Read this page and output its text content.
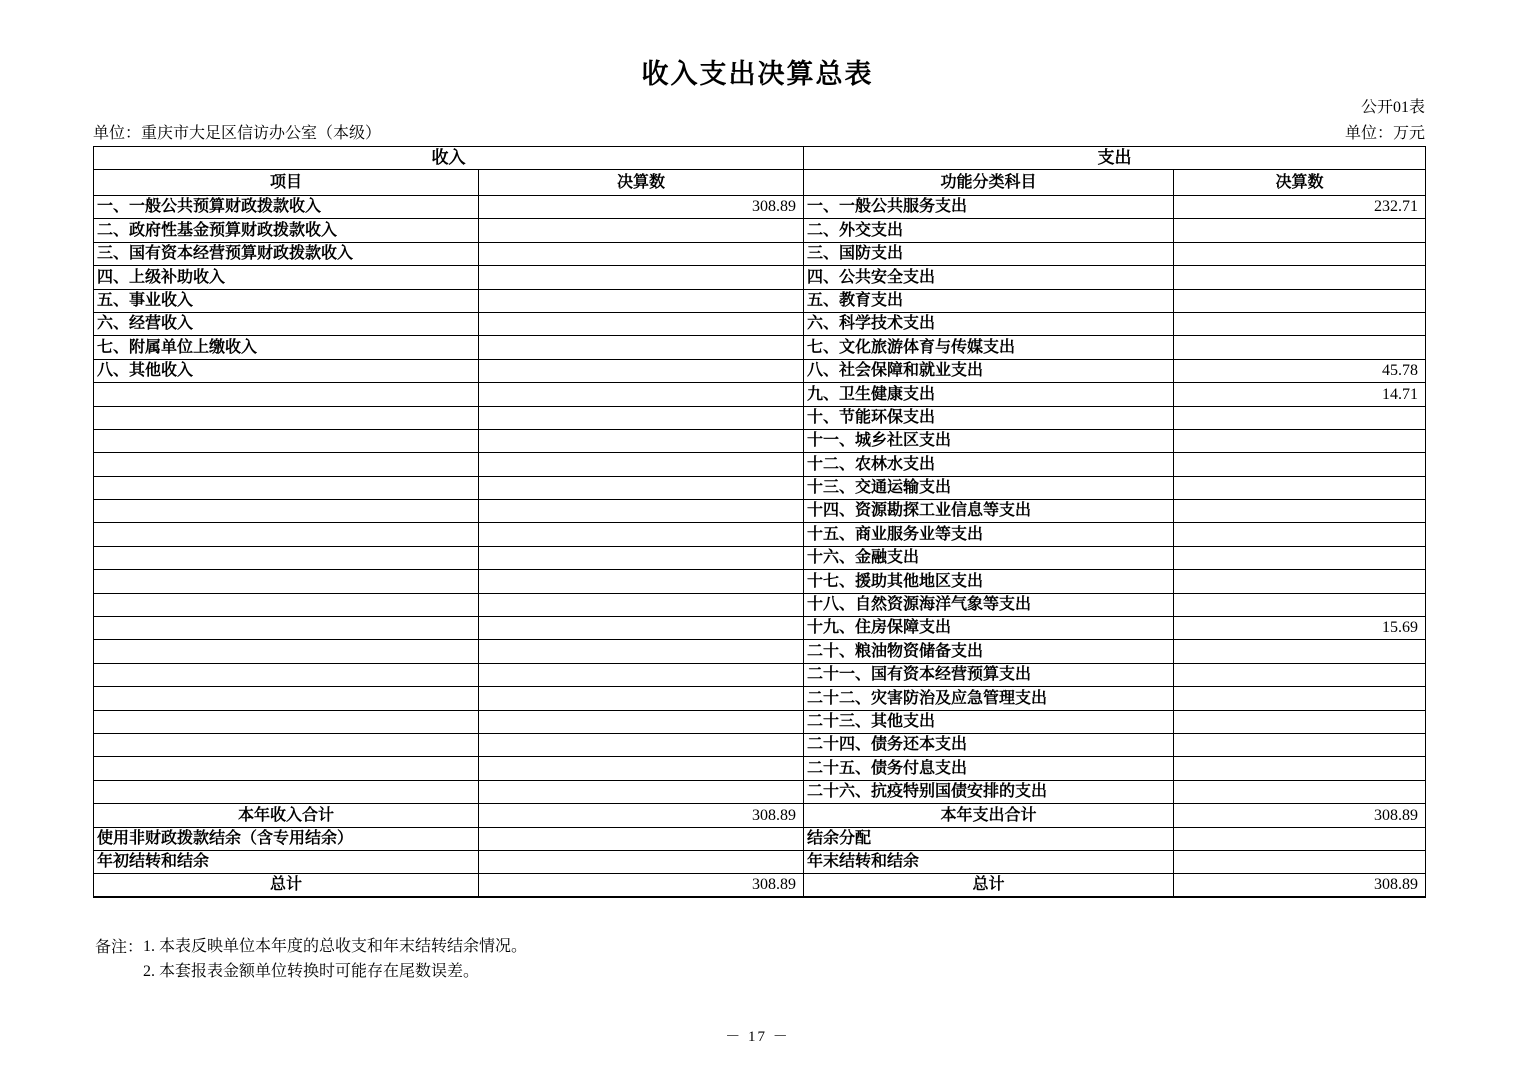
收入支出决算总表
公开01表
单位：重庆市大足区信访办公室（本级）	单位：万元
收入		支出	
项目	决算数	功能分类科目	决算数
一、一般公共预算财政拨款收入	308.89	一、一般公共服务支出	232.71
二、政府性基金预算财政拨款收入		二、外交支出	
三、国有资本经营预算财政拨款收入		三、国防支出	
四、上级补助收入		四、公共安全支出	
五、事业收入		五、教育支出	
六、经营收入		六、科学技术支出	
七、附属单位上缴收入		七、文化旅游体育与传媒支出	
八、其他收入		八、社会保障和就业支出	45.78
		九、卫生健康支出	14.71
		十、节能环保支出	
		十一、城乡社区支出	
		十二、农林水支出	
		十三、交通运输支出	
		十四、资源勘探工业信息等支出	
		十五、商业服务业等支出	
		十六、金融支出	
		十七、援助其他地区支出	
		十八、自然资源海洋气象等支出	
		十九、住房保障支出	15.69
		二十、粮油物资储备支出	
		二十一、国有资本经营预算支出	
		二十二、灾害防治及应急管理支出	
		二十三、其他支出	
		二十四、债务还本支出	
		二十五、债务付息支出	
		二十六、抗疫特别国债安排的支出	
本年收入合计	308.89	本年支出合计	308.89
使用非财政拨款结余（含专用结余）		结余分配	
年初结转和结余		年末结转和结余	
总计	308.89	总计	308.89
备注： 1. 本表反映单位本年度的总收支和年末结转结余情况。
2. 本套报表金额单位转换时可能存在尾数误差。
－ 17 －
